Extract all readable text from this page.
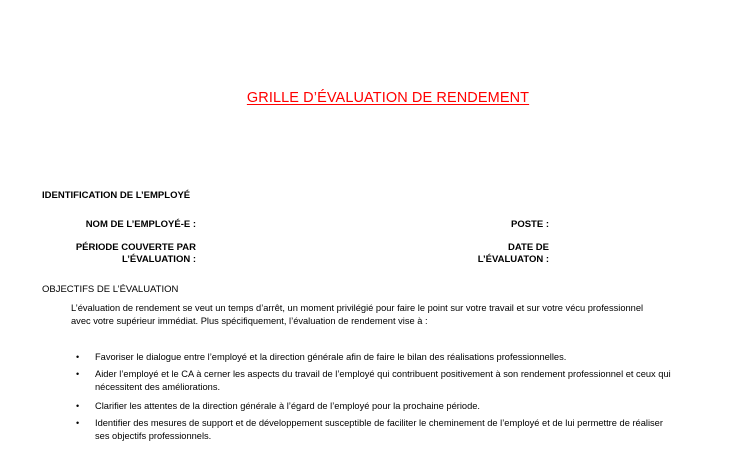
GRILLE D’ÉVALUATION DE RENDEMENT
IDENTIFICATION DE L’EMPLOYÉ
NOM DE L’EMPLOYÉ-E :
PÉRIODE COUVERTE PAR
L’ÉVALUATION :
POSTE :
DATE DE
L’ÉVALUATON :
OBJECTIFS DE L’ÉVALUATION
L’évaluation de rendement se veut un temps d’arrêt, un moment privilégié pour faire le point sur votre travail et sur votre vécu professionnel
avec votre supérieur immédiat. Plus spécifiquement, l’évaluation de rendement vise à :
• Favoriser le dialogue entre l’employé et la direction générale afin de faire le bilan des réalisations professionnelles.
• Aider l’employé et le CA à cerner les aspects du travail de l’employé qui contribuent positivement à son rendement professionnel et ceux qui
nécessitent des améliorations.
• Clarifier les attentes de la direction générale à l’égard de l’employé pour la prochaine période.
• Identifier des mesures de support et de développement susceptible de faciliter le cheminement de l’employé et de lui permettre de réaliser
ses objectifs professionnels.
